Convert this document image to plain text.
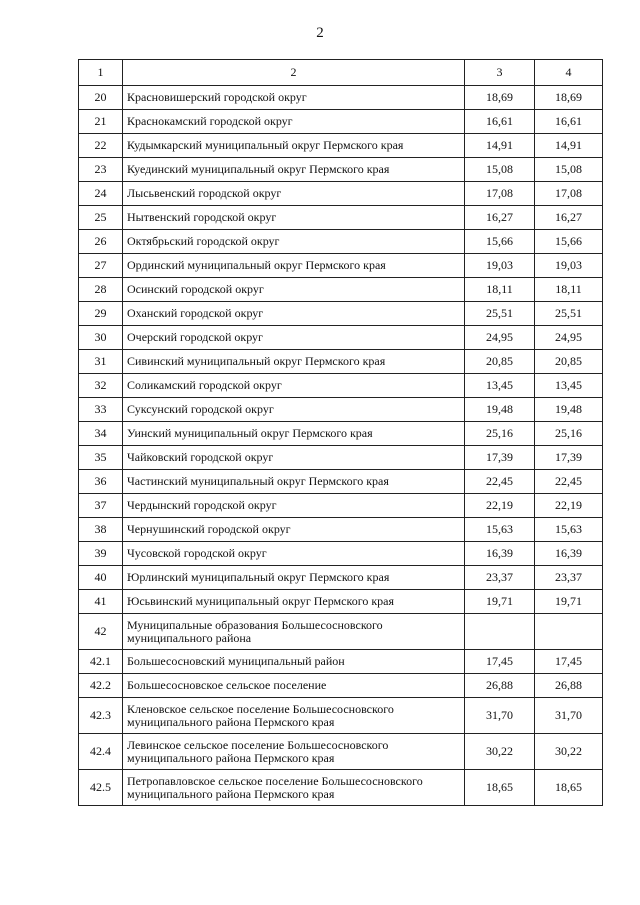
2
1	2	3	4
20	Красновишерский городской округ	18,69	18,69
21	Краснокамский городской округ	16,61	16,61
22	Кудымкарский муниципальный округ Пермского края	14,91	14,91
23	Куединский муниципальный округ Пермского края	15,08	15,08
24	Лысьвенский городской округ	17,08	17,08
25	Нытвенский городской округ	16,27	16,27
26	Октябрьский городской округ	15,66	15,66
27	Ординский муниципальный округ Пермского края	19,03	19,03
28	Осинский городской округ	18,11	18,11
29	Оханский городской округ	25,51	25,51
30	Очерский городской округ	24,95	24,95
31	Сивинский муниципальный округ Пермского края	20,85	20,85
32	Соликамский городской округ	13,45	13,45
33	Суксунский городской округ	19,48	19,48
34	Уинский муниципальный округ Пермского края	25,16	25,16
35	Чайковский городской округ	17,39	17,39
36	Частинский муниципальный округ Пермского края	22,45	22,45
37	Чердынский городской округ	22,19	22,19
38	Чернушинский городской округ	15,63	15,63
39	Чусовской городской округ	16,39	16,39
40	Юрлинский муниципальный округ Пермского края	23,37	23,37
41	Юсьвинский муниципальный округ Пермского края	19,71	19,71
42	Муниципальные образования Большесосновского муниципального района		
42.1	Большесосновский муниципальный район	17,45	17,45
42.2	Большесосновское сельское поселение	26,88	26,88
42.3	Кленовское сельское поселение Большесосновского муниципального района Пермского края	31,70	31,70
42.4	Левинское сельское поселение Большесосновского муниципального района Пермского края	30,22	30,22
42.5	Петропавловское сельское поселение Большесосновского муниципального района Пермского края	18,65	18,65
